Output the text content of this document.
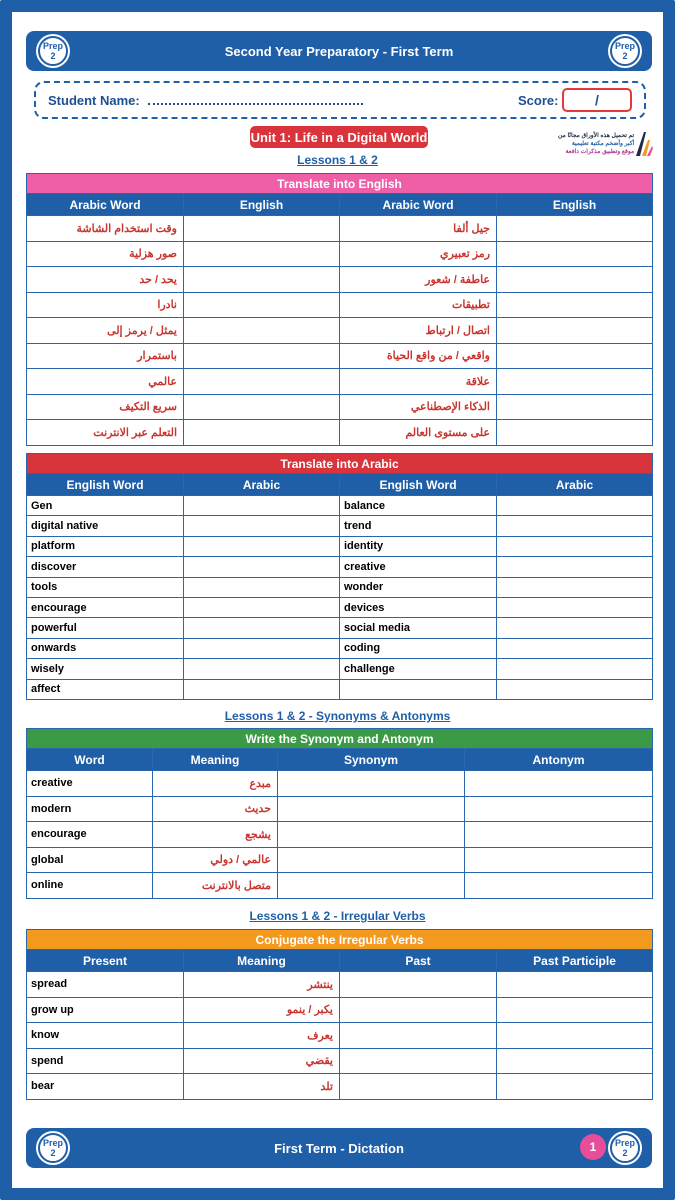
Prep
2	Second Year Preparatory - First Term	Prep
2
Student Name:	Score:	/
Unit 1: Life in a Digital World	تم تحميل هذه الأوراق مجانًا من
أكبر وأضخم مكتبة تعليمية
موقع وتطبيق مذكرات دافعة
Lessons 1 & 2
Translate into English			
Arabic Word	English	Arabic Word	English
وقت استخدام الشاشة		جيل ألفا	
صور هزلية		رمز تعبيري	
يحد / حد		عاطفة / شعور	
نادرا		تطبيقات	
يمثل / يرمز إلى		اتصال / ارتباط	
باستمرار		واقعي / من واقع الحياة	
عالمي		علاقة	
سريع التكيف		الذكاء الإصطناعي	
التعلم عبر الانترنت		على مستوى العالم	
Translate into Arabic			
English Word	Arabic	English Word	Arabic
Gen		balance	
digital native		trend	
platform		identity	
discover		creative	
tools		wonder	
encourage		devices	
powerful		social media	
onwards		coding	
wisely		challenge	
affect			
Lessons 1 & 2 - Synonyms & Antonyms
Write the Synonym and Antonym			
Word	Meaning	Synonym	Antonym
creative	مبدع		
modern	حديث		
encourage	يشجع		
global	عالمي / دولي		
online	متصل بالانترنت		
Lessons 1 & 2 - Irregular Verbs
Conjugate the Irregular Verbs			
Present	Meaning	Past	Past Participle
spread	ينتشر		
grow up	يكبر / ينمو		
know	يعرف		
spend	يقضي		
bear	تلد		
Prep
2	First Term - Dictation	1	Prep
2
